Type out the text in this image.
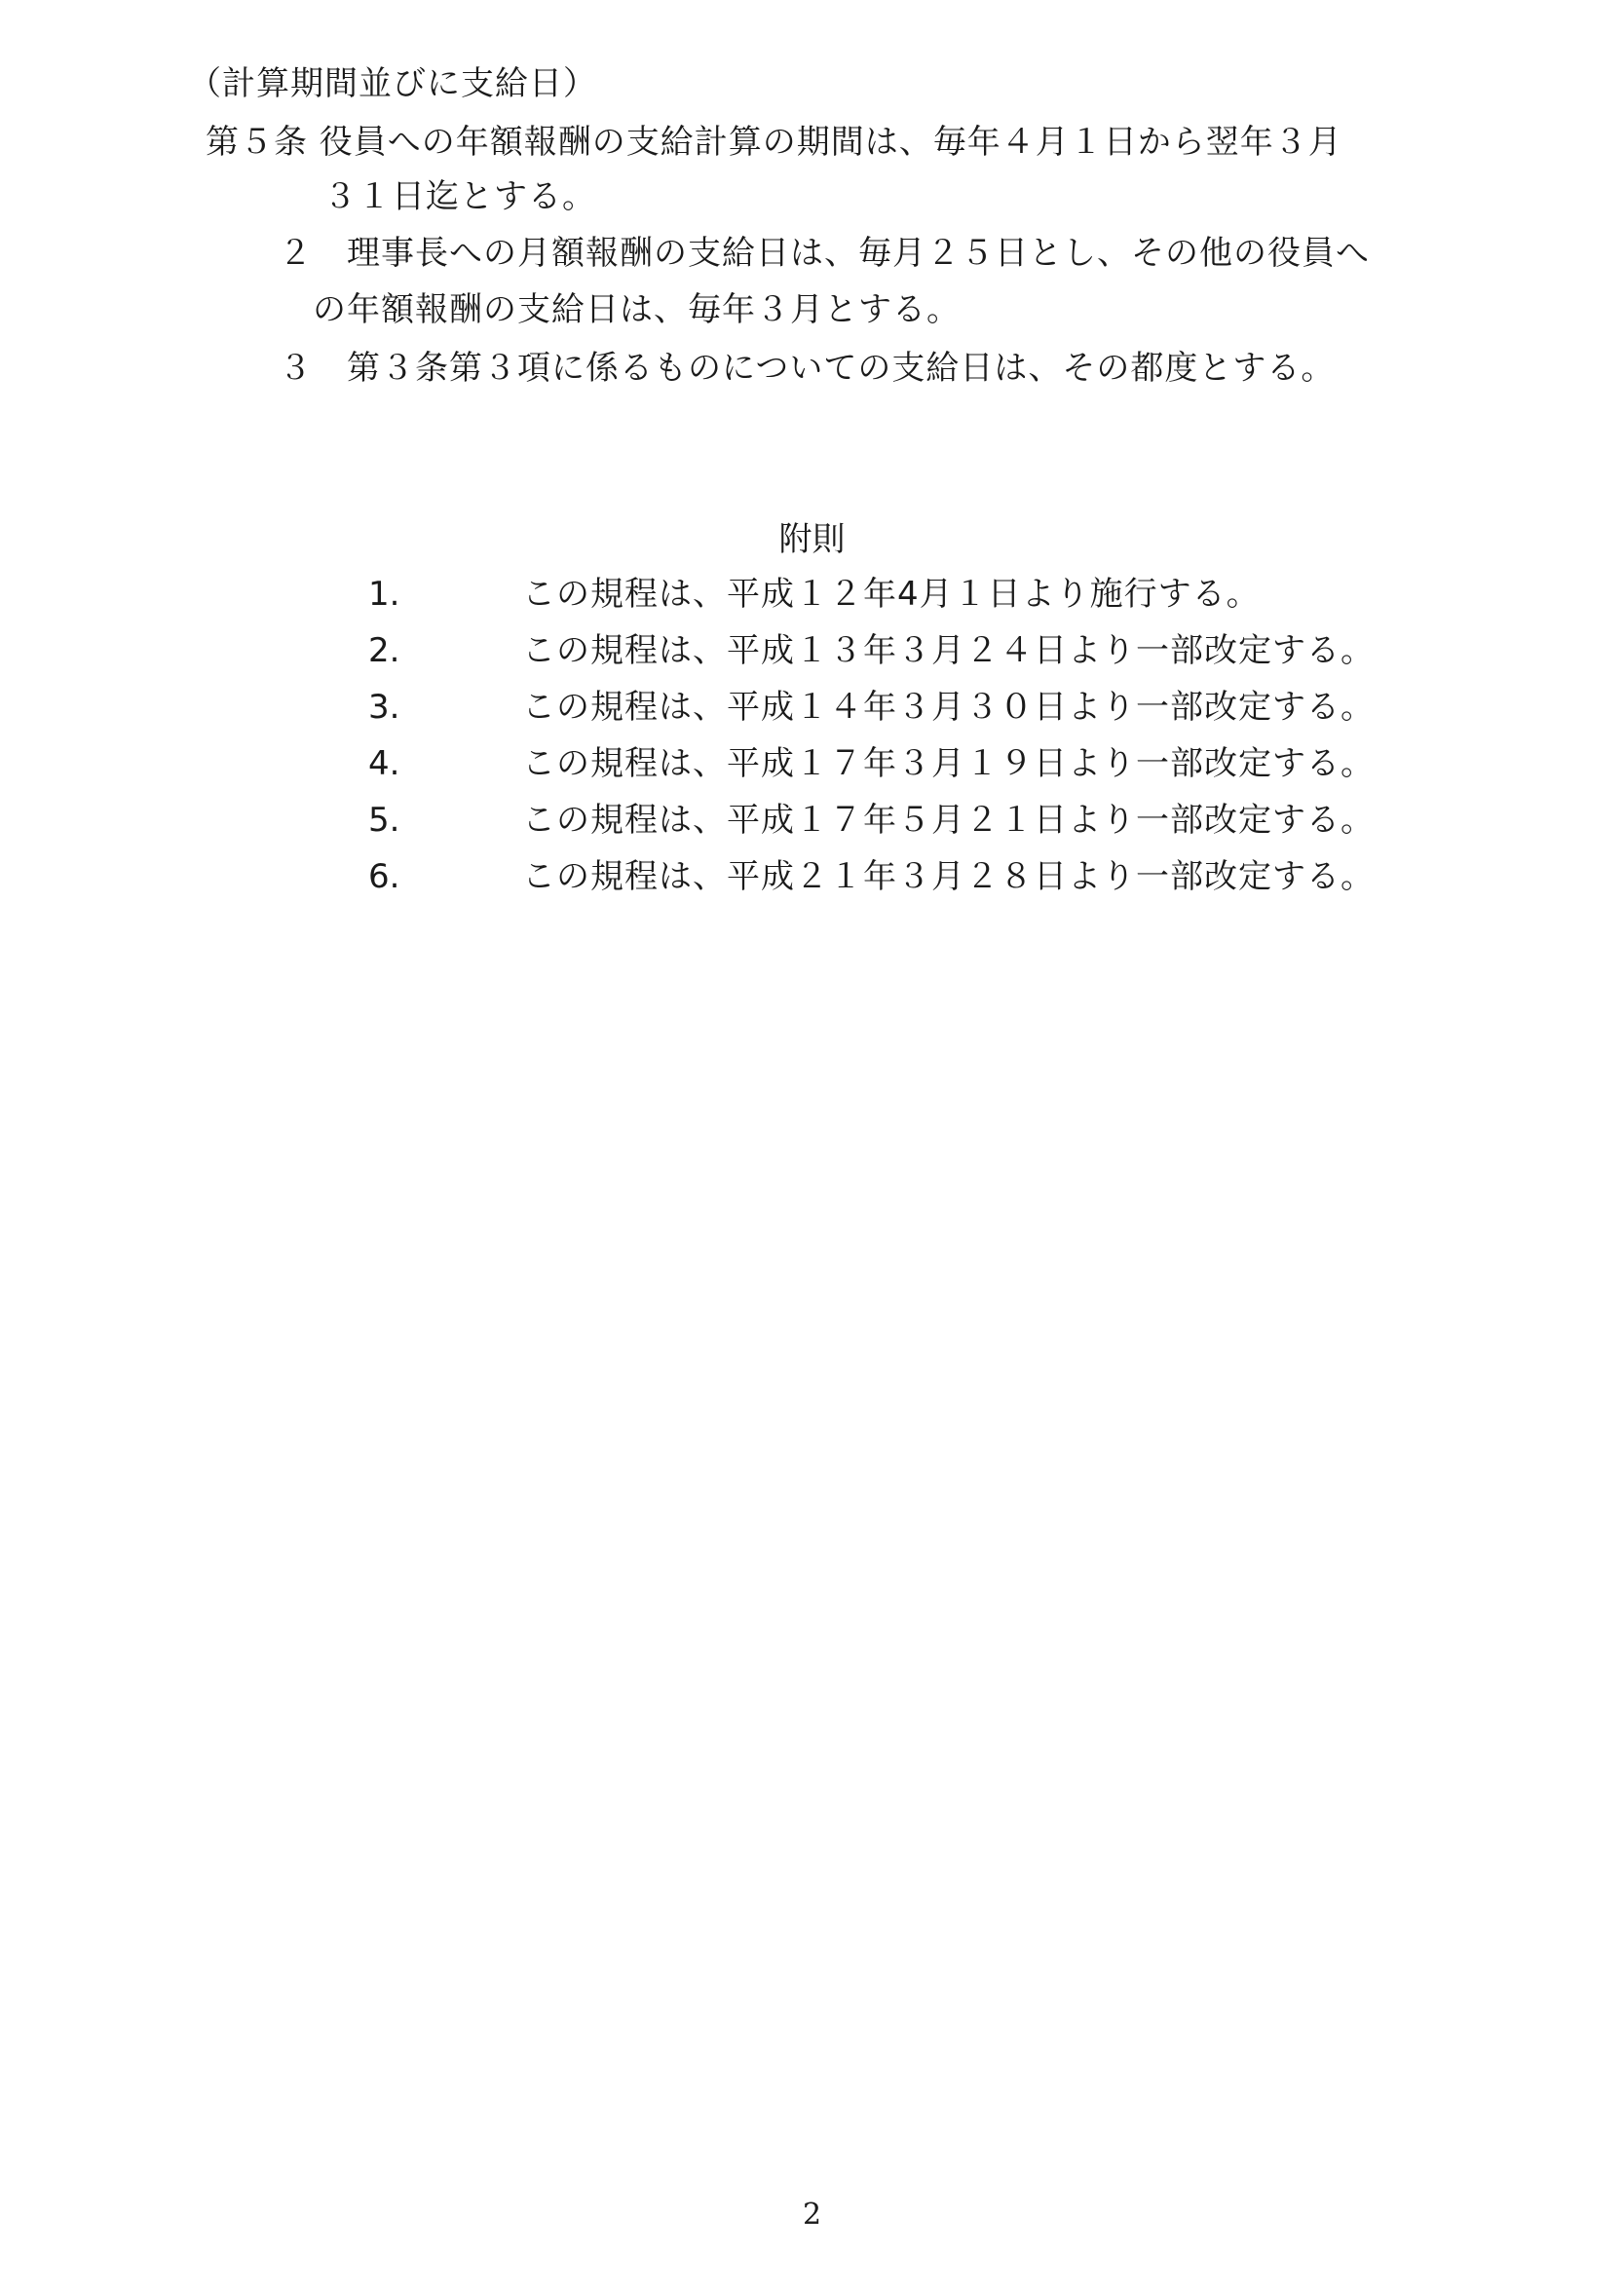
（計算期間並びに支給日）
第５条 役員への年額報酬の支給計算の期間は、毎年４月１日から翌年３月
３１日迄とする。
２　理事長への月額報酬の支給日は、毎月２５日とし、その他の役員へ
の年額報酬の支給日は、毎年３月とする。
３　第３条第３項に係るものについての支給日は、その都度とする。
附則
1.	この規程は、平成１２年4月１日より施行する。
2.	この規程は、平成１３年３月２４日より一部改定する。
3.	この規程は、平成１４年３月３０日より一部改定する。
4.	この規程は、平成１７年３月１９日より一部改定する。
5.	この規程は、平成１７年５月２１日より一部改定する。
6.	この規程は、平成２１年３月２８日より一部改定する。
2
